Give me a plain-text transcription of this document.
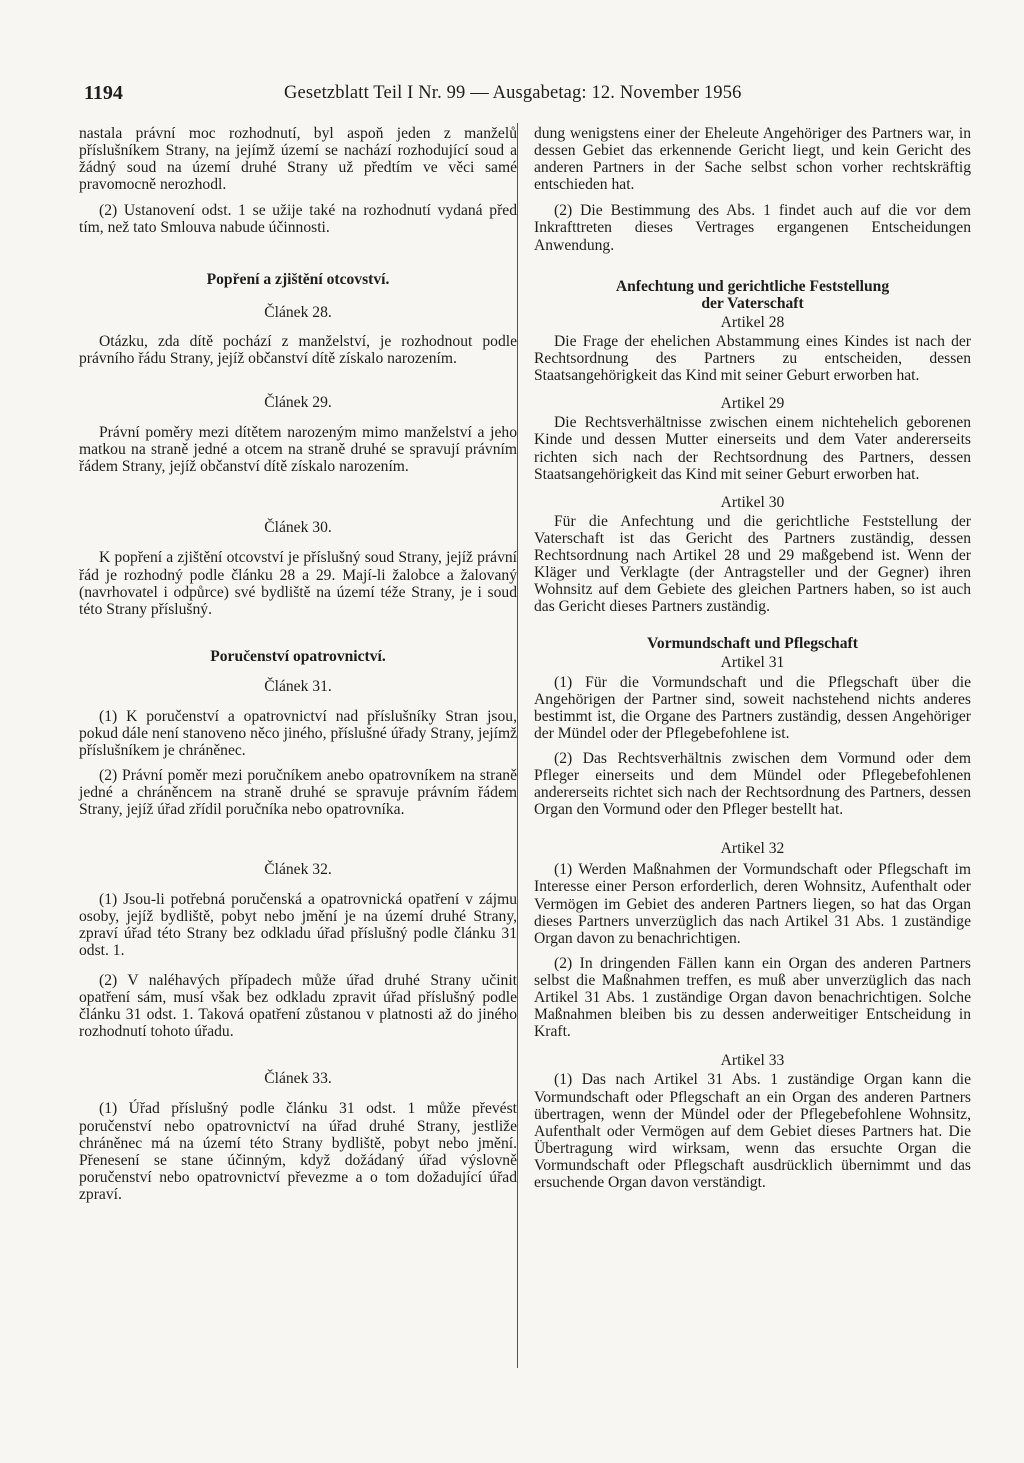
1194	Gesetzblatt Teil I Nr. 99 — Ausgabetag: 12. November 1956

nastala právní moc rozhodnutí, byl aspoň jeden z manželů příslušníkem Strany, na jejímž území se nachází rozhodující soud a žádný soud na území druhé Strany už předtím ve věci samé pravomocně nerozhodl.

(2) Ustanovení odst. 1 se užije také na rozhodnutí vydaná před tím, než tato Smlouva nabude účinnosti.

Popření a zjištění otcovství.
Článek 28.

Otázku, zda dítě pochází z manželství, je rozhodnout podle právního řádu Strany, jejíž občanství dítě získalo narozením.

Článek 29.

Právní poměry mezi dítětem narozeným mimo manželství a jeho matkou na straně jedné a otcem na straně druhé se spravují právním řádem Strany, jejíž občanství dítě získalo narozením.

Článek 30.

K popření a zjištění otcovství je příslušný soud Strany, jejíž právní řád je rozhodný podle článku 28 a 29. Mají-li žalobce a žalovaný (navrhovatel i odpůrce) své bydliště na území téže Strany, je i soud této Strany příslušný.

Poručenství opatrovnictví.
Článek 31.

(1) K poručenství a opatrovnictví nad příslušníky Stran jsou, pokud dále není stanoveno něco jiného, příslušné úřady Strany, jejímž příslušníkem je chráněnec.

(2) Právní poměr mezi poručníkem anebo opatrovníkem na straně jedné a chráněncem na straně druhé se spravuje právním řádem Strany, jejíž úřad zřídil poručníka nebo opatrovníka.

Článek 32.

(1) Jsou-li potřebná poručenská a opatrovnická opatření v zájmu osoby, jejíž bydliště, pobyt nebo jmění je na území druhé Strany, zpraví úřad této Strany bez odkladu úřad příslušný podle článku 31 odst. 1.

(2) V naléhavých případech může úřad druhé Strany učinit opatření sám, musí však bez odkladu zpravit úřad příslušný podle článku 31 odst. 1. Taková opatření zůstanou v platnosti až do jiného rozhodnutí tohoto úřadu.

Článek 33.

(1) Úřad příslušný podle článku 31 odst. 1 může převést poručenství nebo opatrovnictví na úřad druhé Strany, jestliže chráněnec má na území této Strany bydliště, pobyt nebo jmění. Přenesení se stane účinným, když dožádaný úřad výslovně poručenství nebo opatrovnictví převezme a o tom dožadující úřad zpraví.

dung wenigstens einer der Eheleute Angehöriger des Partners war, in dessen Gebiet das erkennende Gericht liegt, und kein Gericht des anderen Partners in der Sache selbst schon vorher rechtskräftig entschieden hat.

(2) Die Bestimmung des Abs. 1 findet auch auf die vor dem Inkrafttreten dieses Vertrages ergangenen Entscheidungen Anwendung.

Anfechtung und gerichtliche Feststellung
der Vaterschaft
Artikel 28

Die Frage der ehelichen Abstammung eines Kindes ist nach der Rechtsordnung des Partners zu entscheiden, dessen Staatsangehörigkeit das Kind mit seiner Geburt erworben hat.

Artikel 29

Die Rechtsverhältnisse zwischen einem nichtehelich geborenen Kinde und dessen Mutter einerseits und dem Vater andererseits richten sich nach der Rechtsordnung des Partners, dessen Staatsangehörigkeit das Kind mit seiner Geburt erworben hat.

Artikel 30

Für die Anfechtung und die gerichtliche Feststellung der Vaterschaft ist das Gericht des Partners zuständig, dessen Rechtsordnung nach Artikel 28 und 29 maßgebend ist. Wenn der Kläger und Verklagte (der Antragsteller und der Gegner) ihren Wohnsitz auf dem Gebiete des gleichen Partners haben, so ist auch das Gericht dieses Partners zuständig.

Vormundschaft und Pflegschaft
Artikel 31

(1) Für die Vormundschaft und die Pflegschaft über die Angehörigen der Partner sind, soweit nachstehend nichts anderes bestimmt ist, die Organe des Partners zuständig, dessen Angehöriger der Mündel oder der Pflegebefohlene ist.

(2) Das Rechtsverhältnis zwischen dem Vormund oder dem Pfleger einerseits und dem Mündel oder Pflegebefohlenen andererseits richtet sich nach der Rechtsordnung des Partners, dessen Organ den Vormund oder den Pfleger bestellt hat.

Artikel 32

(1) Werden Maßnahmen der Vormundschaft oder Pflegschaft im Interesse einer Person erforderlich, deren Wohnsitz, Aufenthalt oder Vermögen im Gebiet des anderen Partners liegen, so hat das Organ dieses Partners unverzüglich das nach Artikel 31 Abs. 1 zuständige Organ davon zu benachrichtigen.

(2) In dringenden Fällen kann ein Organ des anderen Partners selbst die Maßnahmen treffen, es muß aber unverzüglich das nach Artikel 31 Abs. 1 zuständige Organ davon benachrichtigen. Solche Maßnahmen bleiben bis zu dessen anderweitiger Entscheidung in Kraft.

Artikel 33

(1) Das nach Artikel 31 Abs. 1 zuständige Organ kann die Vormundschaft oder Pflegschaft an ein Organ des anderen Partners übertragen, wenn der Mündel oder der Pflegebefohlene Wohnsitz, Aufenthalt oder Vermögen auf dem Gebiet dieses Partners hat. Die Übertragung wird wirksam, wenn das ersuchte Organ die Vormundschaft oder Pflegschaft ausdrücklich übernimmt und das ersuchende Organ davon verständigt.
